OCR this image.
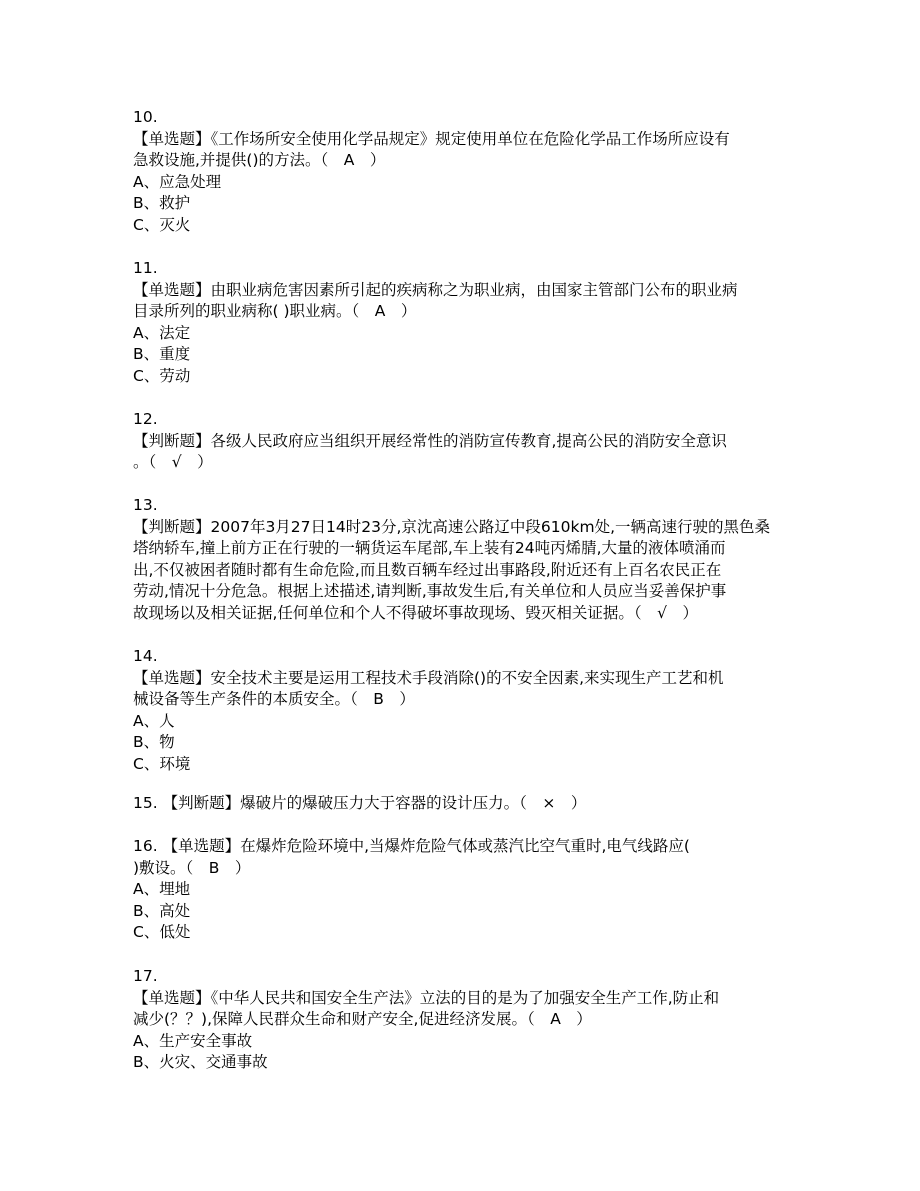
10.
【单选题】《工作场所安全使用化学品规定》规定使用单位在危险化学品工作场所应设有
急救设施,并提供()的方法。（　A　）
A、应急处理
B、救护
C、灭火
11.
【单选题】由职业病危害因素所引起的疾病称之为职业病，由国家主管部门公布的职业病
目录所列的职业病称( )职业病。（　A　）
A、法定
B、重度
C、劳动
12.
【判断题】各级人民政府应当组织开展经常性的消防宣传教育,提高公民的消防安全意识
。（　√　）
13.
【判断题】2007年3月27日14时23分,京沈高速公路辽中段610km处,一辆高速行驶的黑色桑
塔纳轿车,撞上前方正在行驶的一辆货运车尾部,车上装有24吨丙烯腈,大量的液体喷涌而
出,不仅被困者随时都有生命危险,而且数百辆车经过出事路段,附近还有上百名农民正在
劳动,情况十分危急。根据上述描述,请判断,事故发生后,有关单位和人员应当妥善保护事
故现场以及相关证据,任何单位和个人不得破坏事故现场、毁灭相关证据。（　√　）
14.
【单选题】安全技术主要是运用工程技术手段消除()的不安全因素,来实现生产工艺和机
械设备等生产条件的本质安全。（　B　）
A、人
B、物
C、环境
15. 【判断题】爆破片的爆破压力大于容器的设计压力。（　×　）
16. 【单选题】在爆炸危险环境中,当爆炸危险气体或蒸汽比空气重时,电气线路应(
)敷设。（　B　）
A、埋地
B、高处
C、低处
17.
【单选题】《中华人民共和国安全生产法》立法的目的是为了加强安全生产工作,防止和
减少(？？),保障人民群众生命和财产安全,促进经济发展。（　A　）
A、生产安全事故
B、火灾、交通事故
